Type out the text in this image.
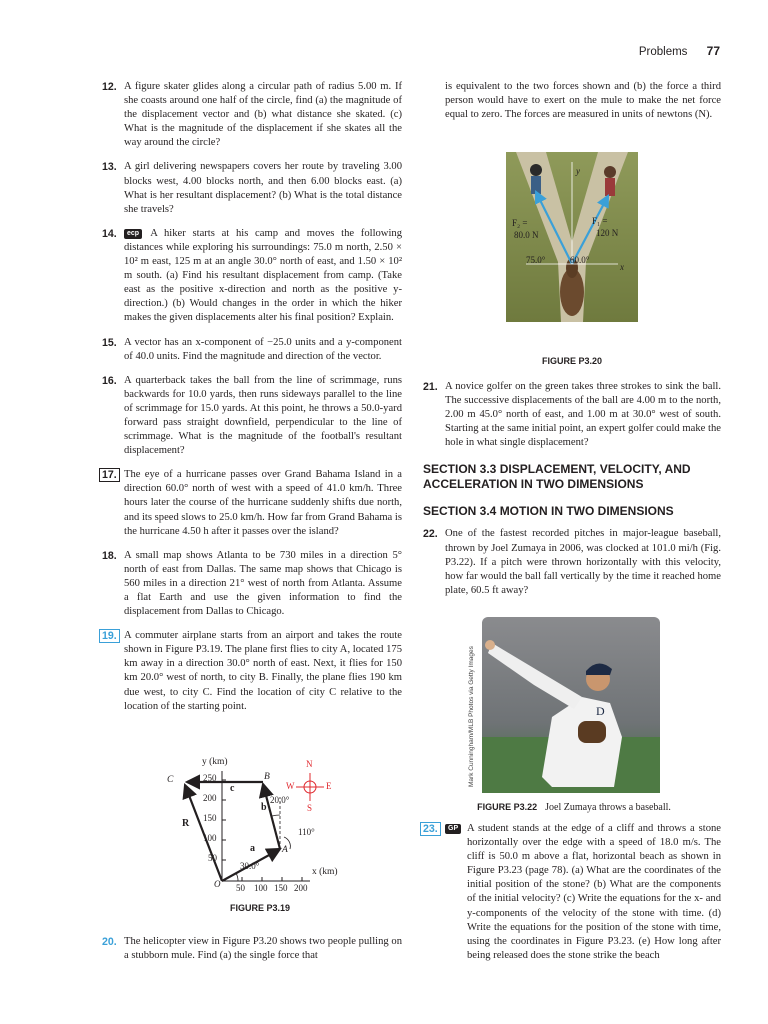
Problems 77
12. A figure skater glides along a circular path of radius 5.00 m. If she coasts around one half of the circle, find (a) the magnitude of the displacement vector and (b) what distance she skated. (c) What is the magnitude of the displacement if she skates all the way around the circle?
13. A girl delivering newspapers covers her route by traveling 3.00 blocks west, 4.00 blocks north, and then 6.00 blocks east. (a) What is her resultant displacement? (b) What is the total distance she travels?
14. ecp A hiker starts at his camp and moves the following distances while exploring his surroundings: 75.0 m north, 2.50 × 10² m east, 125 m at an angle 30.0° north of east, and 1.50 × 10² m south. (a) Find his resultant displacement from camp. (Take east as the positive x-direction and north as the positive y-direction.) (b) Would changes in the order in which the hiker makes the given displacements alter his final position? Explain.
15. A vector has an x-component of −25.0 units and a y-component of 40.0 units. Find the magnitude and direction of the vector.
16. A quarterback takes the ball from the line of scrimmage, runs backwards for 10.0 yards, then runs sideways parallel to the line of scrimmage for 15.0 yards. At this point, he throws a 50.0-yard forward pass straight downfield, perpendicular to the line of scrimmage. What is the magnitude of the football's resultant displacement?
17. The eye of a hurricane passes over Grand Bahama Island in a direction 60.0° north of west with a speed of 41.0 km/h. Three hours later the course of the hurricane suddenly shifts due north, and its speed slows to 25.0 km/h. How far from Grand Bahama is the hurricane 4.50 h after it passes over the island?
18. A small map shows Atlanta to be 730 miles in a direction 5° north of east from Dallas. The same map shows that Chicago is 560 miles in a direction 21° west of north from Atlanta. Assume a flat Earth and use the given information to find the displacement from Dallas to Chicago.
19. A commuter airplane starts from an airport and takes the route shown in Figure P3.19. The plane first flies to city A, located 175 km away in a direction 30.0° north of east. Next, it flies for 150 km 20.0° west of north, to city B. Finally, the plane flies 190 km due west, to city C. Find the location of city C relative to the location of the starting point.
y (km)
x (km)
250
200
150
100
50
50 100 150 200
O
A
B
C
a
b
c
R
30.0°
20.0°
110°
N
S
E
W
FIGURE P3.19
20. The helicopter view in Figure P3.20 shows two people pulling on a stubborn mule. Find (a) the single force that
is equivalent to the two forces shown and (b) the force a third person would have to exert on the mule to make the net force equal to zero. The forces are measured in units of newtons (N).
F₂ =
80.0 N
F₁ =
120 N
75.0°	60.0°
x
y
FIGURE P3.20
21. A novice golfer on the green takes three strokes to sink the ball. The successive displacements of the ball are 4.00 m to the north, 2.00 m 45.0° north of east, and 1.00 m at 30.0° west of south. Starting at the same initial point, an expert golfer could make the hole in what single displacement?
SECTION 3.3 DISPLACEMENT, VELOCITY, AND ACCELERATION IN TWO DIMENSIONS
SECTION 3.4 MOTION IN TWO DIMENSIONS
22. One of the fastest recorded pitches in major-league baseball, thrown by Joel Zumaya in 2006, was clocked at 101.0 mi/h (Fig. P3.22). If a pitch were thrown horizontally with this velocity, how far would the ball fall vertically by the time it reached home plate, 60.5 ft away?
D
Mark Cunningham/MLB Photos via Getty Images
FIGURE P3.22 Joel Zumaya throws a baseball.
23.	GP A student stands at the edge of a cliff and throws a stone horizontally over the edge with a speed of 18.0 m/s. The cliff is 50.0 m above a flat, horizontal beach as shown in Figure P3.23 (page 78). (a) What are the coordinates of the initial position of the stone? (b) What are the components of the initial velocity? (c) Write the equations for the x- and y-components of the velocity of the stone with time. (d) Write the equations for the position of the stone with time, using the coordinates in Figure P3.23. (e) How long after being released does the stone strike the beach
